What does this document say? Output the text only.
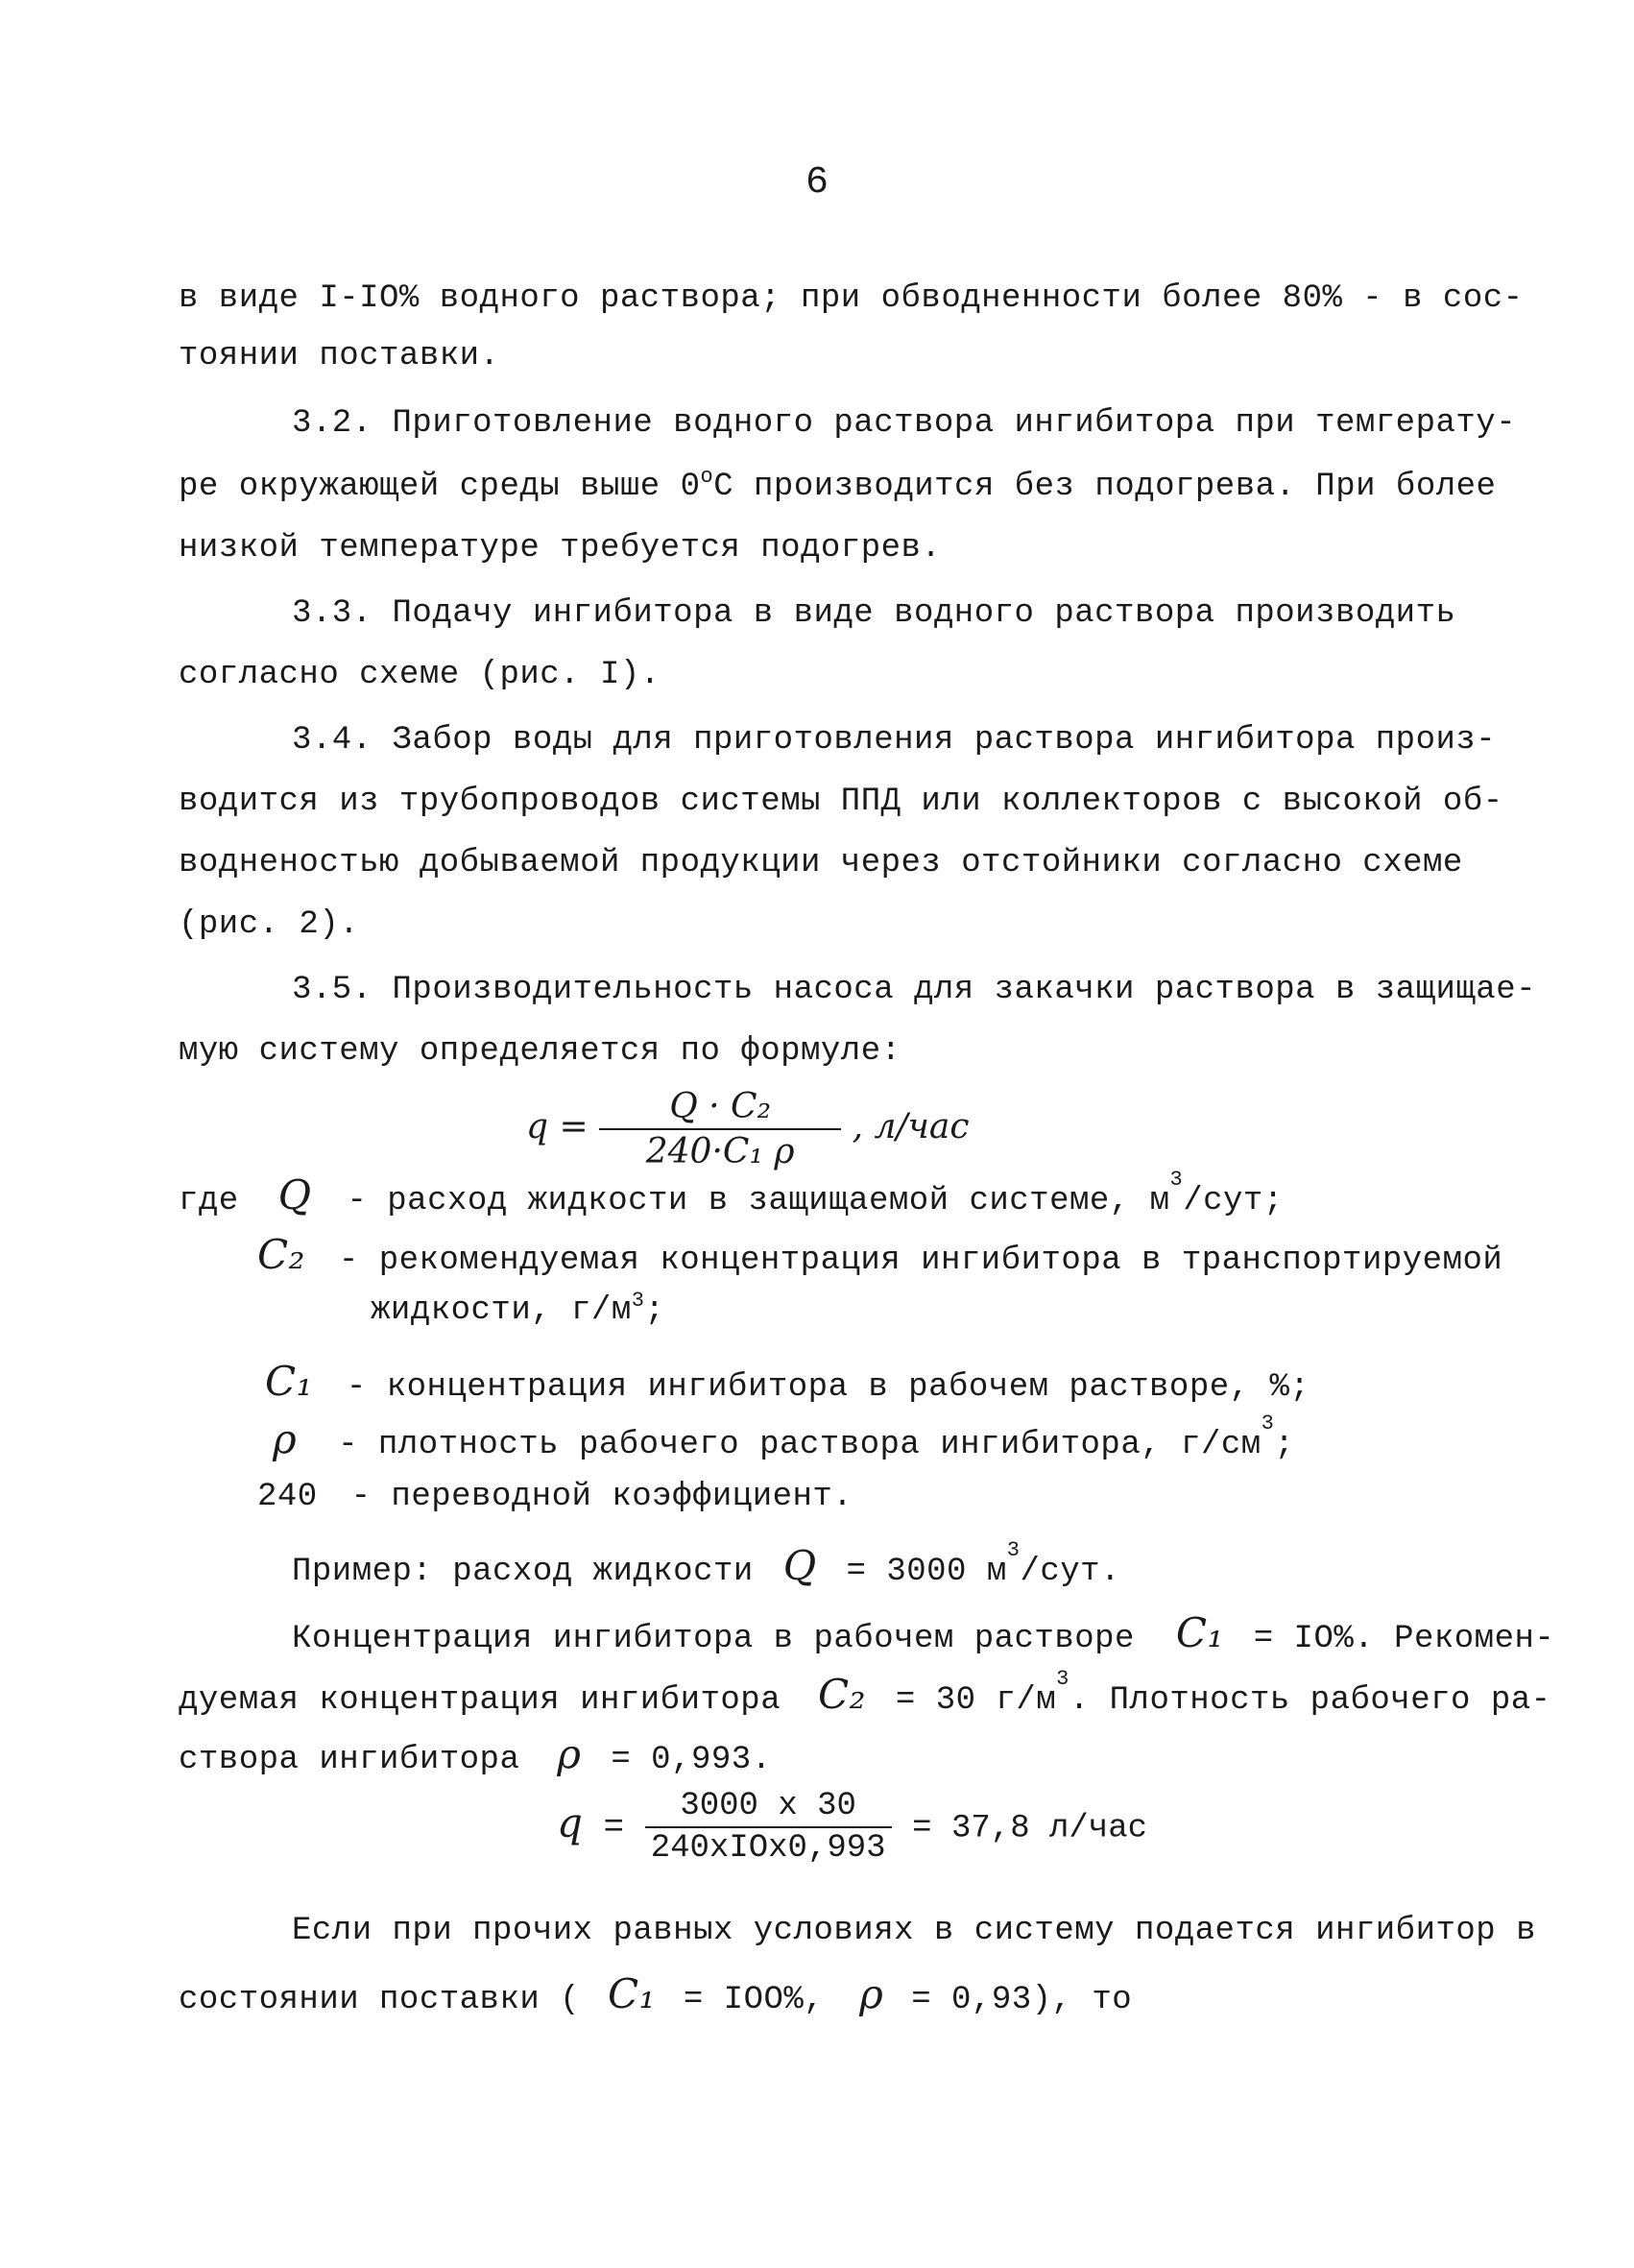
6
в виде I-IO% водного раствора; при обводненности более 80% - в сос-
тоянии поставки.
3.2. Приготовление водного раствора ингибитора при темгерату-
ре окружающей среды выше 0$^o$C производится без подогрева. При более
низкой температуре требуется подогрев.
3.3. Подачу ингибитора в виде водного раствора производить
согласно схеме (рис. I).
3.4. Забор воды для приготовления раствора ингибитора произ-
водится из трубопроводов системы ППД или коллекторов с высокой об-
водненостью добываемой продукции через отстойники согласно схеме
(рис. 2).
3.5. Производительность насоса для закачки раствора в защищае-
мую систему определяется по формуле:
$q = \frac{\text{Q · C₂}}{\text{240·C₁ ρ}}$ , л/час
где Q - расход жидкости в защищаемой системе, $м^3$/сут;
C₂ - рекомендуемая концентрация ингибитора в транспортируемой
жидкости, $г/м^3$;
C₁ - концентрация ингибитора в рабочем растворе, %;
ρ - плотность рабочего раствора ингибитора, $г/см^3$;
240 - переводной коэффициент.
Пример: расход жидкости Q = 3000 $м^3$/сут.
Концентрация ингибитора в рабочем растворе C₁ = IO%. Рекомен-
дуемая концентрация ингибитора C₂ = 30 $г/м^3$. Плотность рабочего ра-
створа ингибитора ρ = 0,993.
$q = \frac{3000 х 30}{\text{240хIOх0,993}} = 37,8$ л/час
Если при прочих равных условиях в систему подается ингибитор в
состоянии поставки ( C₁ = IOO%, ρ = 0,93), то
